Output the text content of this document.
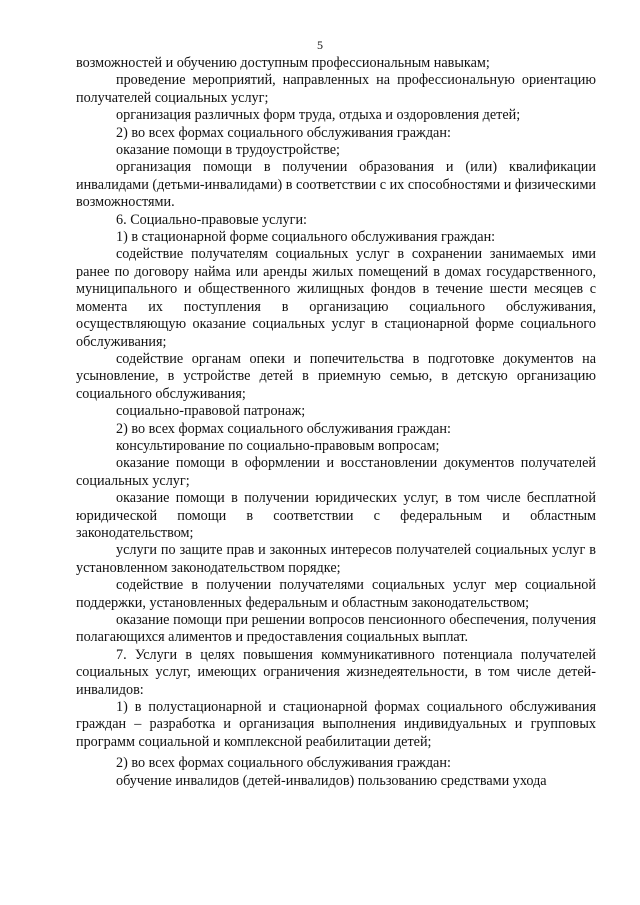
5
возможностей и обучению доступным профессиональным навыкам;
проведение мероприятий, направленных на профессиональную ориентацию получателей социальных услуг;
организация различных форм труда, отдыха и оздоровления детей;
2) во всех формах социального обслуживания граждан:
оказание помощи в трудоустройстве;
организация помощи в получении образования и (или) квалификации инвалидами (детьми-инвалидами) в соответствии с их способностями и физическими возможностями.
6. Социально-правовые услуги:
1) в стационарной форме социального обслуживания граждан:
содействие получателям социальных услуг в сохранении занимаемых ими ранее по договору найма или аренды жилых помещений в домах государственного, муниципального и общественного жилищных фондов в течение шести месяцев с момента их поступления в организацию социального обслуживания, осуществляющую оказание социальных услуг в стационарной форме социального обслуживания;
содействие органам опеки и попечительства в подготовке документов на усыновление, в устройстве детей в приемную семью, в детскую организацию социального обслуживания;
социально-правовой патронаж;
2) во всех формах социального обслуживания граждан:
консультирование по социально-правовым вопросам;
оказание помощи в оформлении и восстановлении документов получателей социальных услуг;
оказание помощи в получении юридических услуг, в том числе бесплатной юридической помощи в соответствии с федеральным и областным законодательством;
услуги по защите прав и законных интересов получателей социальных услуг в установленном законодательством порядке;
содействие в получении получателями социальных услуг мер социальной поддержки, установленных федеральным и областным законодательством;
оказание помощи при решении вопросов пенсионного обеспечения, получения полагающихся алиментов и предоставления социальных выплат.
7. Услуги в целях повышения коммуникативного потенциала получателей социальных услуг, имеющих ограничения жизнедеятельности, в том числе детей-инвалидов:
1) в полустационарной и стационарной формах социального обслуживания граждан – разработка и организация выполнения индивидуальных и групповых программ социальной и комплексной реабилитации детей;
2) во всех формах социального обслуживания граждан:
обучение инвалидов (детей-инвалидов) пользованию средствами ухода
